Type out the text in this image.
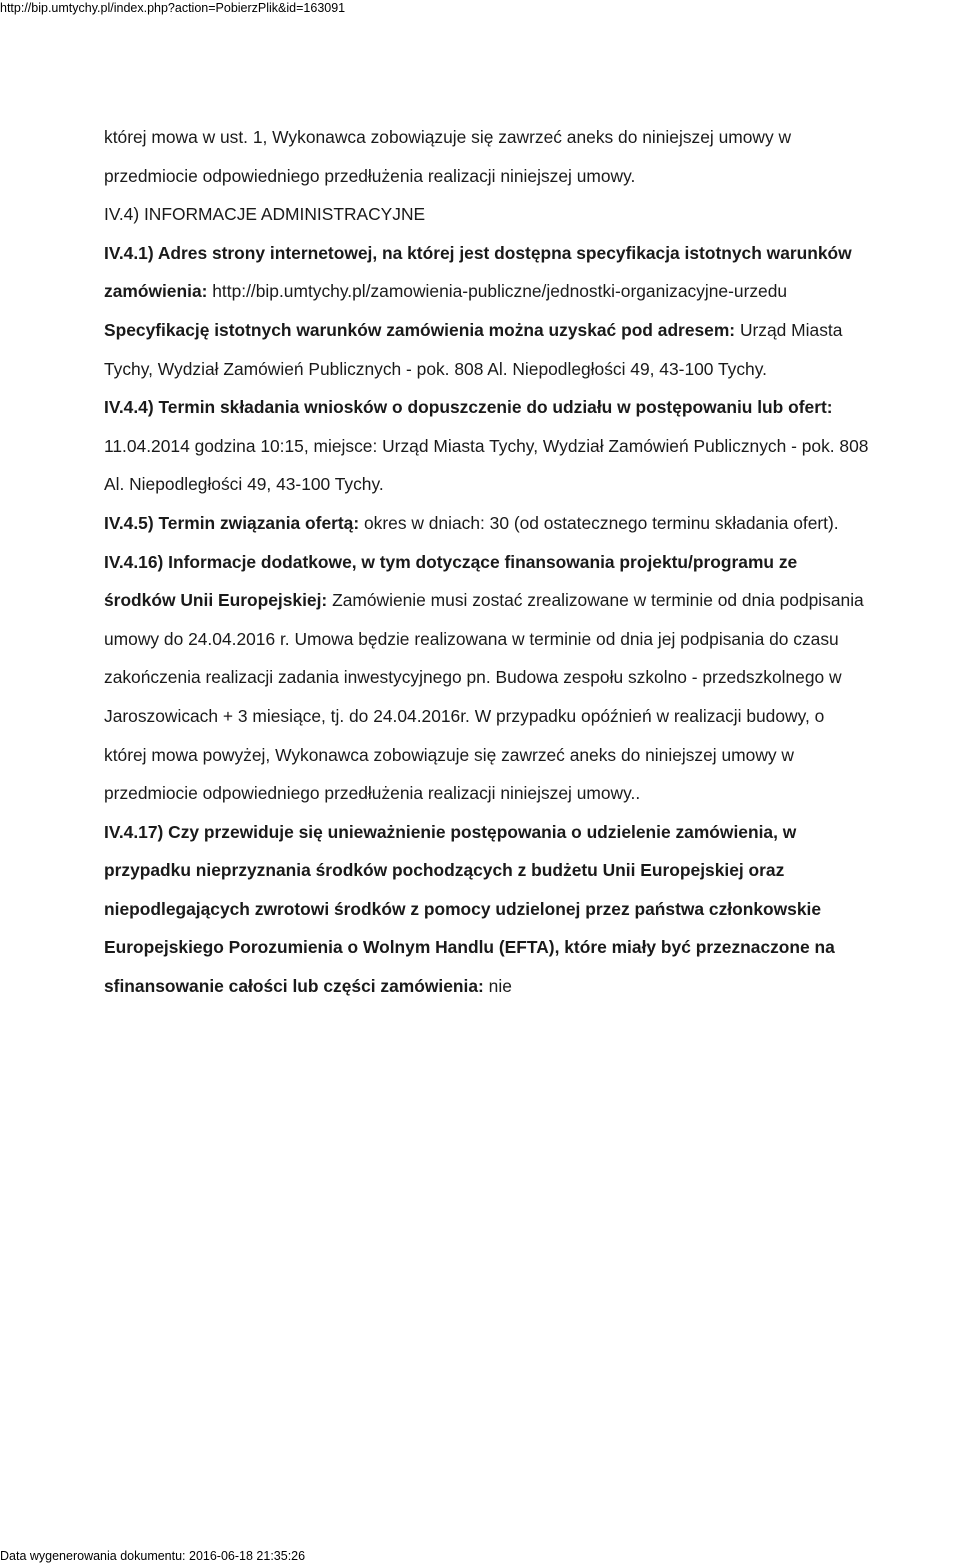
http://bip.umtychy.pl/index.php?action=PobierzPlik&id=163091
której mowa w ust. 1, Wykonawca zobowiązuje się zawrzeć aneks do niniejszej umowy w
przedmiocie odpowiedniego przedłużenia realizacji niniejszej umowy.
IV.4) INFORMACJE ADMINISTRACYJNE
IV.4.1) Adres strony internetowej, na której jest dostępna specyfikacja istotnych warunków
zamówienia: http://bip.umtychy.pl/zamowienia-publiczne/jednostki-organizacyjne-urzedu
Specyfikację istotnych warunków zamówienia można uzyskać pod adresem: Urząd Miasta
Tychy, Wydział Zamówień Publicznych - pok. 808 Al. Niepodległości 49, 43-100 Tychy.
IV.4.4) Termin składania wniosków o dopuszczenie do udziału w postępowaniu lub ofert:
11.04.2014 godzina 10:15, miejsce: Urząd Miasta Tychy, Wydział Zamówień Publicznych - pok. 808
Al. Niepodległości 49, 43-100 Tychy.
IV.4.5) Termin związania ofertą: okres w dniach: 30 (od ostatecznego terminu składania ofert).
IV.4.16) Informacje dodatkowe, w tym dotyczące finansowania projektu/programu ze
środków Unii Europejskiej: Zamówienie musi zostać zrealizowane w terminie od dnia podpisania
umowy do 24.04.2016 r. Umowa będzie realizowana w terminie od dnia jej podpisania do czasu
zakończenia realizacji zadania inwestycyjnego pn. Budowa zespołu szkolno - przedszkolnego w
Jaroszowicach + 3 miesiące, tj. do 24.04.2016r. W przypadku opóźnień w realizacji budowy, o
której mowa powyżej, Wykonawca zobowiązuje się zawrzeć aneks do niniejszej umowy w
przedmiocie odpowiedniego przedłużenia realizacji niniejszej umowy..
IV.4.17) Czy przewiduje się unieważnienie postępowania o udzielenie zamówienia, w
przypadku nieprzyznania środków pochodzących z budżetu Unii Europejskiej oraz
niepodlegających zwrotowi środków z pomocy udzielonej przez państwa członkowskie
Europejskiego Porozumienia o Wolnym Handlu (EFTA), które miały być przeznaczone na
sfinansowanie całości lub części zamówienia: nie
Data wygenerowania dokumentu: 2016-06-18 21:35:26
